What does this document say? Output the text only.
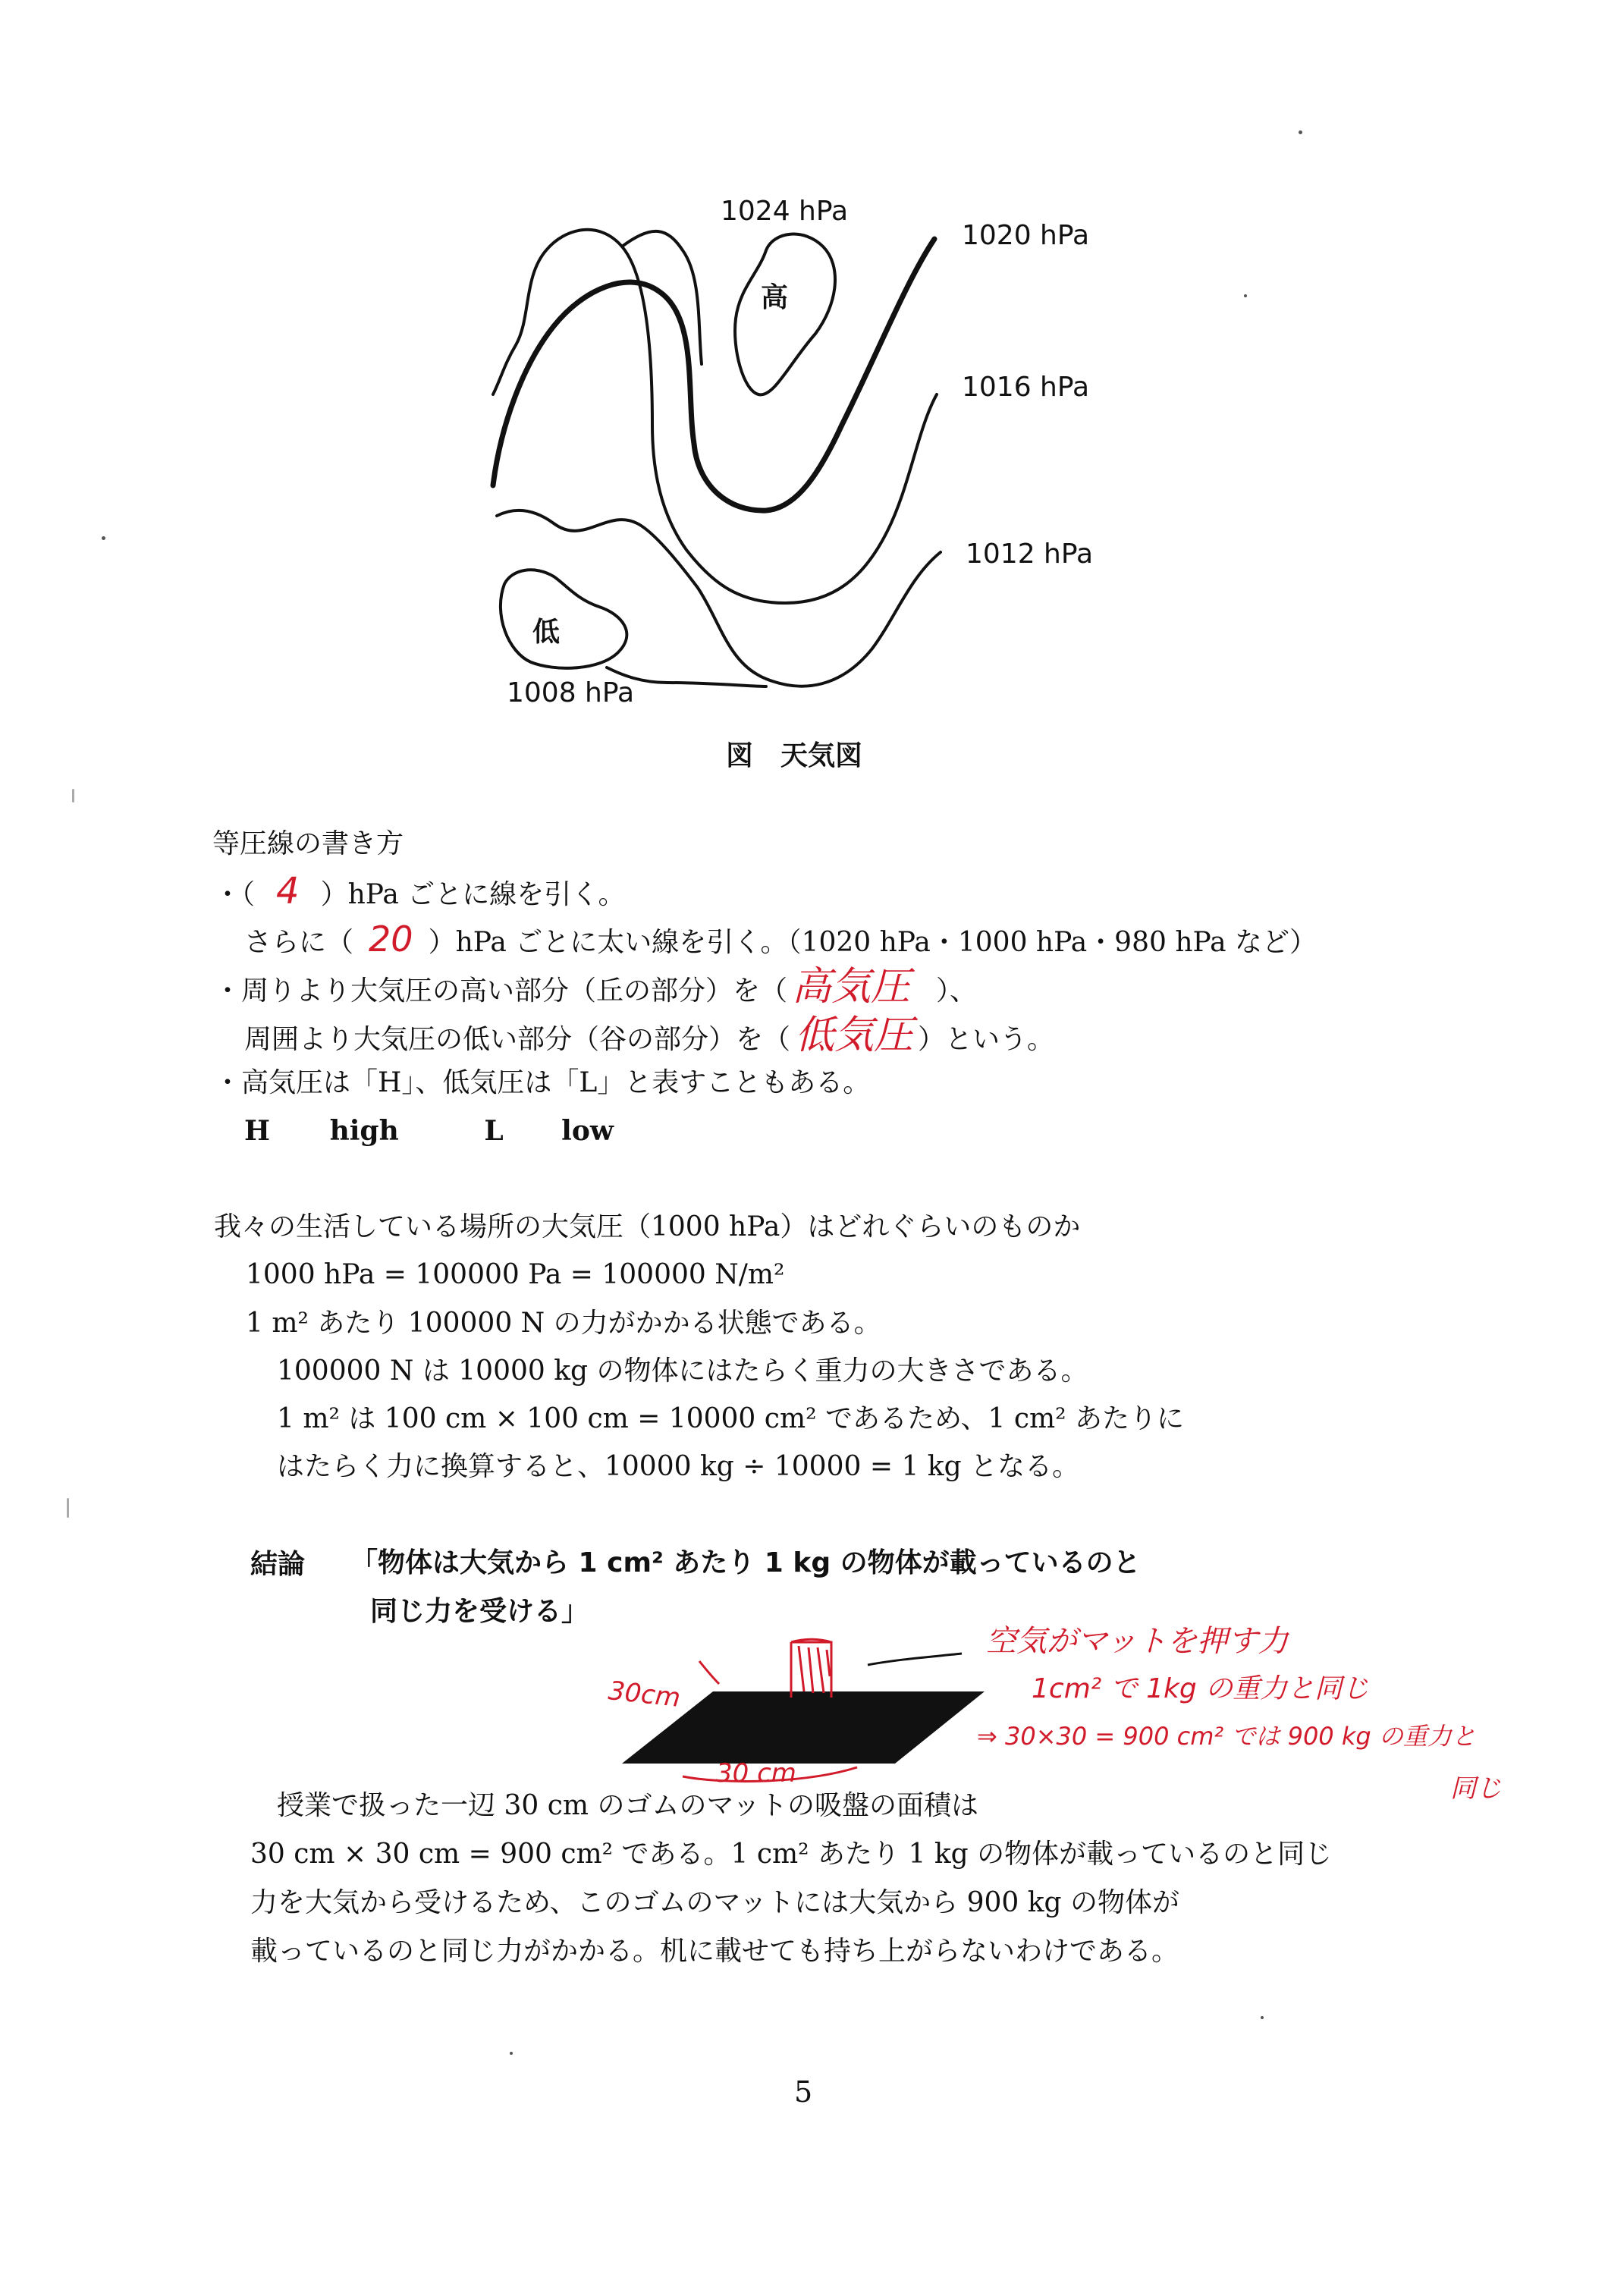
1024 hPa
1020 hPa
1016 hPa
1012 hPa
1008 hPa
高
低
図　天気図
等圧線の書き方
・（ 4 ）hPa ごとに線を引く。
さらに（ 20 ）hPa ごとに太い線を引く。（1020 hPa・1000 hPa・980 hPa など）
・周りより大気圧の高い部分（丘の部分）を（ 高気圧 ）、
周囲より大気圧の低い部分（谷の部分）を（ 低気圧 ）という。
・高気圧は「H」、低気圧は「L」と表すこともある。
H high	L low
我々の生活している場所の大気圧（1000 hPa）はどれぐらいのものか
1000 hPa = 100000 Pa = 100000 N/m²
1 m² あたり 100000 N の力がかかる状態である。
100000 N は 10000 kg の物体にはたらく重力の大きさである。
1 m² は 100 cm × 100 cm = 10000 cm² であるため、1 cm² あたりに
はたらく力に換算すると、10000 kg ÷ 10000 = 1 kg となる。
結論 「物体は大気から 1 cm² あたり 1 kg の物体が載っているのと
同じ力を受ける」
30cm
30 cm
空気がマットを押す力
1cm² で 1kg の重力と同じ
⇒ 30×30 = 900 cm² では 900 kg の重力と
同じ
授業で扱った一辺 30 cm のゴムのマットの吸盤の面積は
30 cm × 30 cm = 900 cm² である。1 cm² あたり 1 kg の物体が載っているのと同じ
力を大気から受けるため、このゴムのマットには大気から 900 kg の物体が
載っているのと同じ力がかかる。机に載せても持ち上がらないわけである。
5
